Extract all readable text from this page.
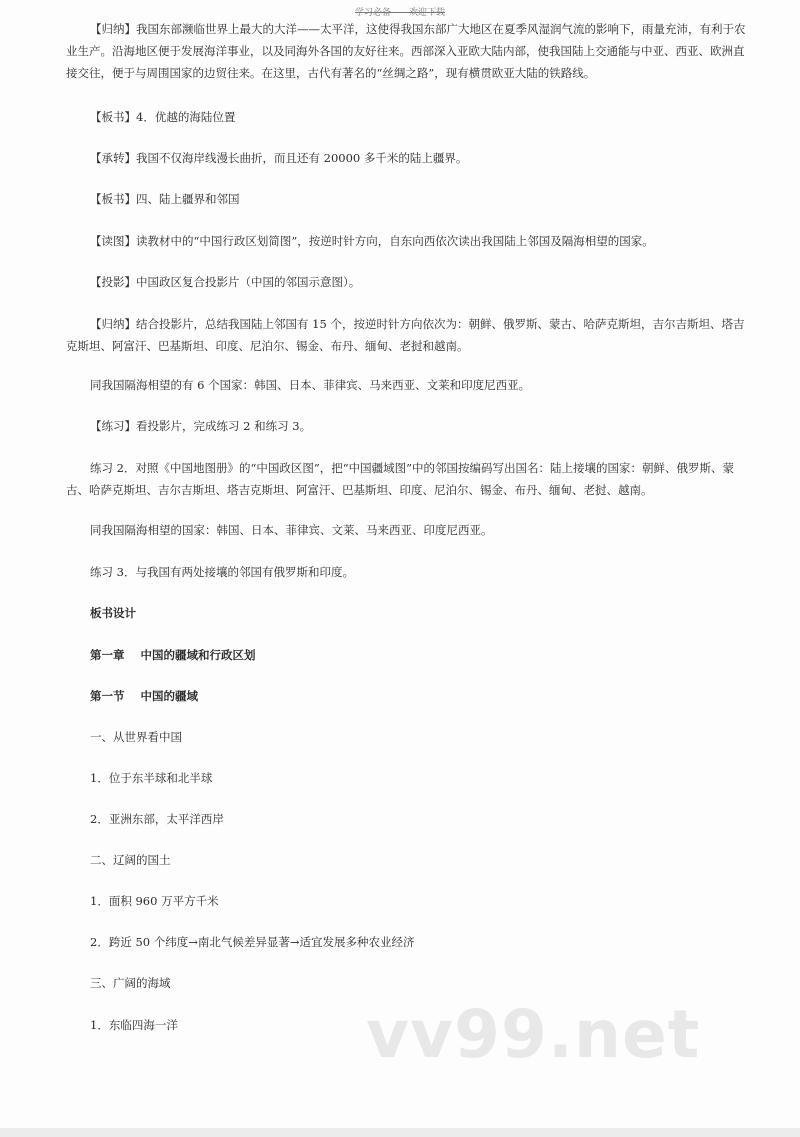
学习必备——欢迎下载

【归纳】我国东部濒临世界上最大的大洋——太平洋，这使得我国东部广大地区在夏季风湿润气流的影响下，雨量充沛，有利于农业生产。沿海地区便于发展海洋事业，以及同海外各国的友好往来。西部深入亚欧大陆内部，使我国陆上交通能与中亚、西亚、欧洲直接交往，便于与周围国家的边贸往来。在这里，古代有著名的“丝绸之路”，现有横贯欧亚大陆的铁路线。

【板书】4．优越的海陆位置

【承转】我国不仅海岸线漫长曲折，而且还有 20000 多千米的陆上疆界。

【板书】四、陆上疆界和邻国

【读图】读教材中的“中国行政区划简图”，按逆时针方向，自东向西依次读出我国陆上邻国及隔海相望的国家。

【投影】中国政区复合投影片（中国的邻国示意图）。

【归纳】结合投影片，总结我国陆上邻国有 15 个，按逆时针方向依次为：朝鲜、俄罗斯、蒙古、哈萨克斯坦，吉尔吉斯坦、塔吉克斯坦、阿富汗、巴基斯坦、印度、尼泊尔、锡金、布丹、缅甸、老挝和越南。

同我国隔海相望的有 6 个国家：韩国、日本、菲律宾、马来西亚、文莱和印度尼西亚。

【练习】看投影片，完成练习 2 和练习 3。

练习 2．对照《中国地图册》的“中国政区图”，把“中国疆域图”中的邻国按编码写出国名：陆上接壤的国家：朝鲜、俄罗斯、蒙古、哈萨克斯坦、吉尔吉斯坦、塔吉克斯坦、阿富汗、巴基斯坦、印度、尼泊尔、锡金、布丹、缅甸、老挝、越南。

同我国隔海相望的国家：韩国、日本、菲律宾、文莱、马来西亚、印度尼西亚。

练习 3．与我国有两处接壤的邻国有俄罗斯和印度。

板书设计

第一章    中国的疆域和行政区划

第一节    中国的疆域

一、从世界看中国

1．位于东半球和北半球

2．亚洲东部，太平洋西岸

二、辽阔的国土

1．面积 960 万平方千米

2．跨近 50 个纬度→南北气候差异显著→适宜发展多种农业经济

三、广阔的海域

1．东临四海一洋	vv99.net
